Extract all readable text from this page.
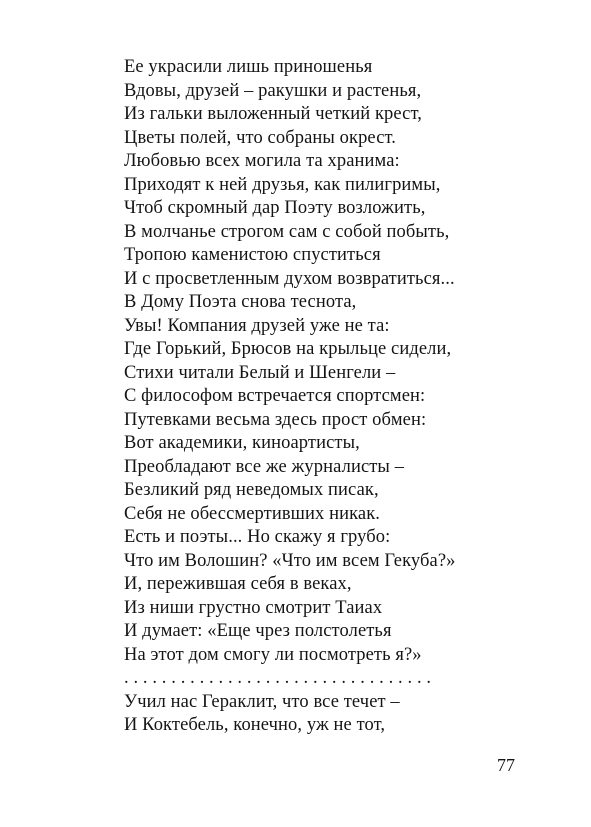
Ее украсили лишь приношенья
Вдовы, друзей – ракушки и растенья,
Из гальки выложенный четкий крест,
Цветы полей, что собраны окрест.
Любовью всех могила та хранима:
Приходят к ней друзья, как пилигримы,
Чтоб скромный дар Поэту возложить,
В молчанье строгом сам с собой побыть,
Тропою каменистою спуститься
И с просветленным духом возвратиться...
В Дому Поэта снова теснота,
Увы! Компания друзей уже не та:
Где Горький, Брюсов на крыльце сидели,
Стихи читали Белый и Шенгели –
С философом встречается спортсмен:
Путевками весьма здесь прост обмен:
Вот академики, киноартисты,
Преобладают все же журналисты –
Безликий ряд неведомых писак,
Себя не обессмертивших никак.
Есть и поэты... Но скажу я грубо:
Что им Волошин? «Что им всем Гекуба?»
И, пережившая себя в веках,
Из ниши грустно смотрит Таиах
И думает: «Еще чрез полстолетья
На этот дом смогу ли посмотреть я?»
. . . . . . . . . . . . . . . . . . . . . . . . . . . . . . . . .
Учил нас Гераклит, что все течет –
И Коктебель, конечно, уж не тот,
77
